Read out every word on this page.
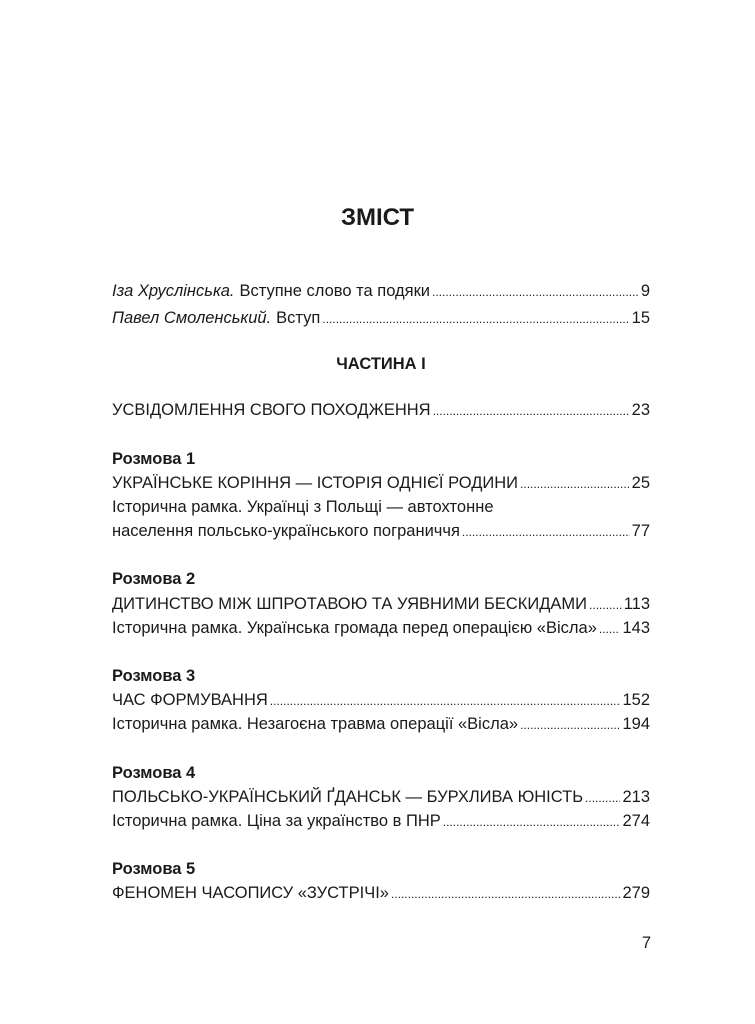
ЗМІСТ
Іза Хруслінська. Вступне слово та подяки .....	9
Павел Смоленський. Вступ .....	15
ЧАСТИНА І
УСВІДОМЛЕННЯ СВОГО ПОХОДЖЕННЯ .....	23
Розмова 1
УКРАЇНСЬКЕ КОРІННЯ — ІСТОРІЯ ОДНІЄЇ РОДИНИ .....	25
Історична рамка. Українці з Польщі — автохтонне
населення польсько-українського пограниччя .....	77
Розмова 2
ДИТИНСТВО МІЖ ШПРОТАВОЮ ТА УЯВНИМИ БЕСКИДАМИ ..... 113
Історична рамка. Українська громада перед операцією «Вісла» ..... 143
Розмова 3
ЧАС ФОРМУВАННЯ .....	152
Історична рамка. Незагоєна травма операції «Вісла» .....	194
Розмова 4
ПОЛЬСЬКО-УКРАЇНСЬКИЙ ҐДАНСЬК — БУРХЛИВА ЮНІСТЬ ..... 213
Історична рамка. Ціна за українство в ПНР .....	274
Розмова 5
ФЕНОМЕН ЧАСОПИСУ «ЗУСТРІЧІ» .....	279
7
